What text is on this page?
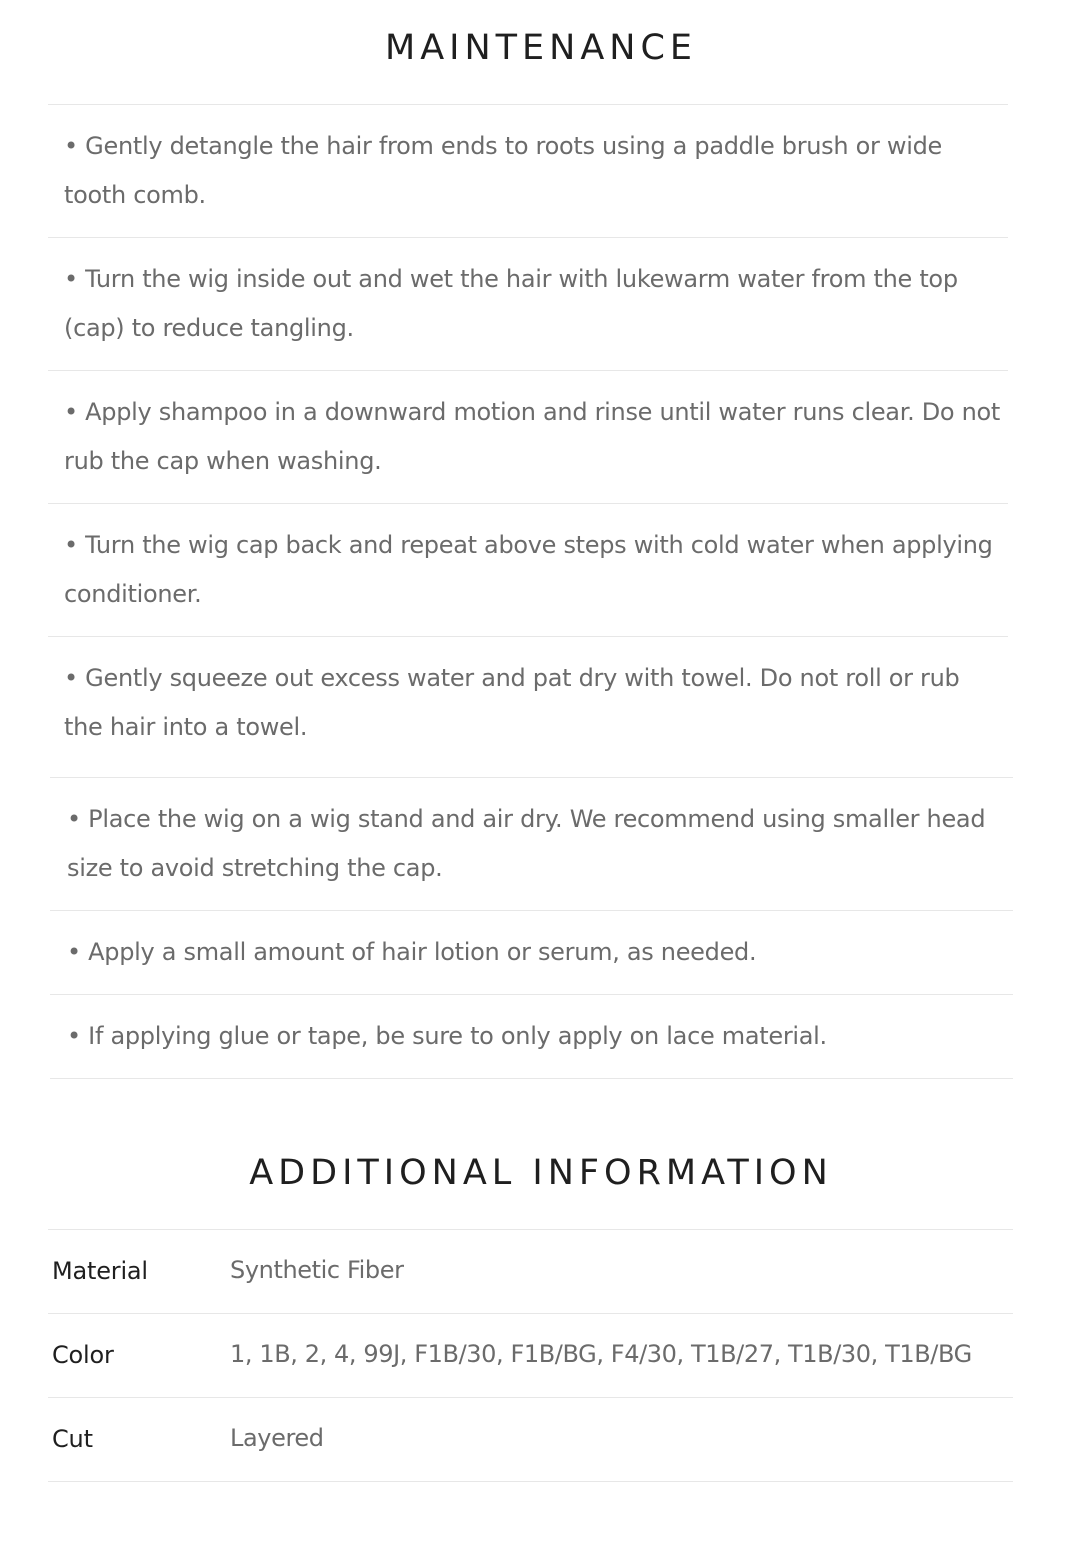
MAINTENANCE

• Gently detangle the hair from ends to roots using a paddle brush or wide tooth comb.

• Turn the wig inside out and wet the hair with lukewarm water from the top (cap) to reduce tangling.

• Apply shampoo in a downward motion and rinse until water runs clear. Do not rub the cap when washing.

• Turn the wig cap back and repeat above steps with cold water when applying conditioner.

• Gently squeeze out excess water and pat dry with towel. Do not roll or rub the hair into a towel.

• Place the wig on a wig stand and air dry. We recommend using smaller head size to avoid stretching the cap.

• Apply a small amount of hair lotion or serum, as needed.

• If applying glue or tape, be sure to only apply on lace material.

ADDITIONAL INFORMATION

Material	Synthetic Fiber

Color	1, 1B, 2, 4, 99J, F1B/30, F1B/BG, F4/30, T1B/27, T1B/30, T1B/BG

Cut	Layered
